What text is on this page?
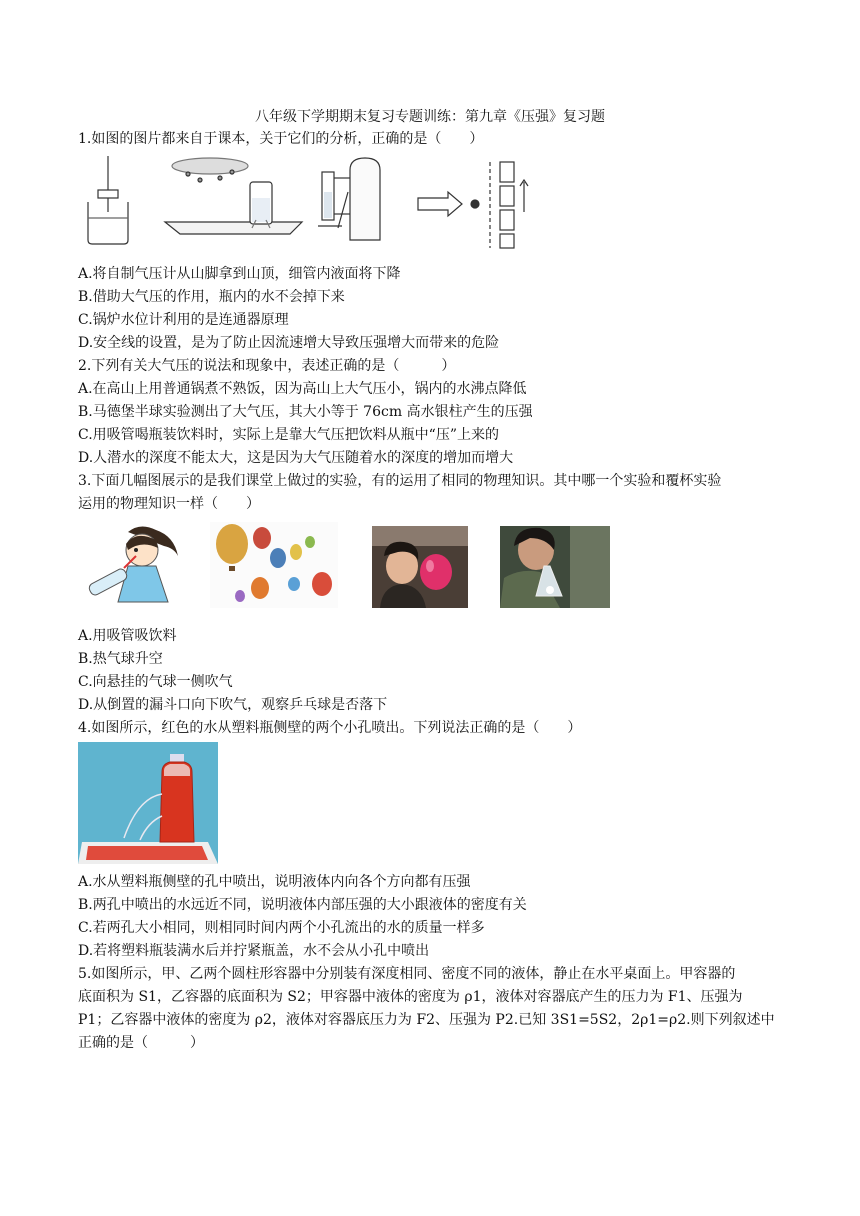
八年级下学期期末复习专题训练：第九章《压强》复习题
1.如图的图片都来自于课本，关于它们的分析，正确的是（　　）
A.将自制气压计从山脚拿到山顶，细管内液面将下降
B.借助大气压的作用，瓶内的水不会掉下来
C.锅炉水位计利用的是连通器原理
D.安全线的设置，是为了防止因流速增大导致压强增大而带来的危险
2.下列有关大气压的说法和现象中，表述正确的是（　　　）
A.在高山上用普通锅煮不熟饭，因为高山上大气压小，锅内的水沸点降低
B.马德堡半球实验测出了大气压，其大小等于 76cm 高水银柱产生的压强
C.用吸管喝瓶装饮料时，实际上是靠大气压把饮料从瓶中“压”上来的
D.人潜水的深度不能太大，这是因为大气压随着水的深度的增加而增大
3.下面几幅图展示的是我们课堂上做过的实验，有的运用了相同的物理知识。其中哪一个实验和覆杯实验
运用的物理知识一样（　　）
A.用吸管吸饮料
B.热气球升空
C.向悬挂的气球一侧吹气
D.从倒置的漏斗口向下吹气，观察乒乓球是否落下
4.如图所示，红色的水从塑料瓶侧壁的两个小孔喷出。下列说法正确的是（　　）
A.水从塑料瓶侧壁的孔中喷出，说明液体内向各个方向都有压强
B.两孔中喷出的水远近不同，说明液体内部压强的大小跟液体的密度有关
C.若两孔大小相同，则相同时间内两个小孔流出的水的质量一样多
D.若将塑料瓶装满水后并拧紧瓶盖，水不会从小孔中喷出
5.如图所示，甲、乙两个圆柱形容器中分别装有深度相同、密度不同的液体，静止在水平桌面上。甲容器的
底面积为 S1，乙容器的底面积为 S2；甲容器中液体的密度为 ρ1，液体对容器底产生的压力为 F1、压强为
P1；乙容器中液体的密度为 ρ2，液体对容器底压力为 F2、压强为 P2.已知 3S1=5S2，2ρ1=ρ2.则下列叙述中
正确的是（　　　）
